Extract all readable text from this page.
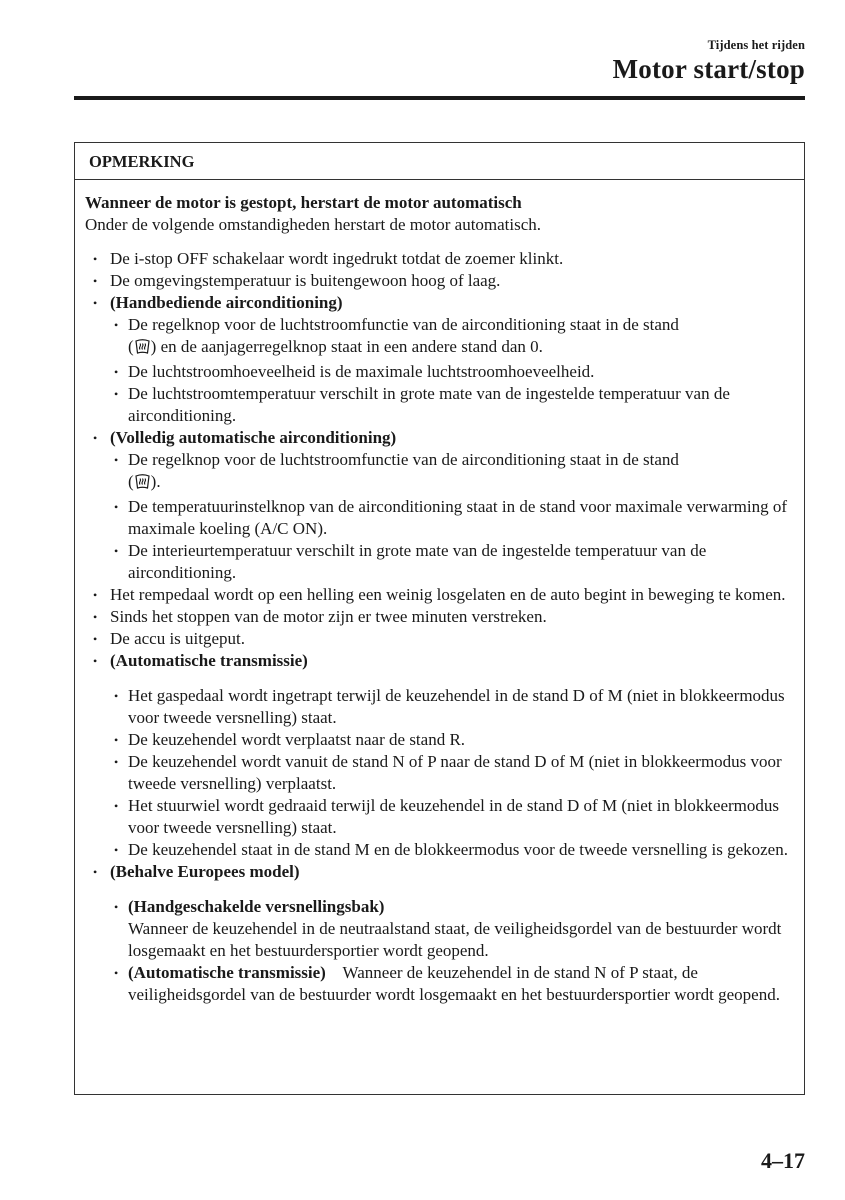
Tijdens het rijden
Motor start/stop
OPMERKING
Wanneer de motor is gestopt, herstart de motor automatisch
Onder de volgende omstandigheden herstart de motor automatisch.
• De i-stop OFF schakelaar wordt ingedrukt totdat de zoemer klinkt.
• De omgevingstemperatuur is buitengewoon hoog of laag.
• (Handbediende airconditioning)
• De regelknop voor de luchtstroomfunctie van de airconditioning staat in de stand
( ) en de aanjagerregelknop staat in een andere stand dan 0.
• De luchtstroomhoeveelheid is de maximale luchtstroomhoeveelheid.
• De luchtstroomtemperatuur verschilt in grote mate van de ingestelde temperatuur van de airconditioning.
• (Volledig automatische airconditioning)
• De regelknop voor de luchtstroomfunctie van de airconditioning staat in de stand
( ).
• De temperatuurinstelknop van de airconditioning staat in de stand voor maximale verwarming of maximale koeling (A/C ON).
• De interieurtemperatuur verschilt in grote mate van de ingestelde temperatuur van de airconditioning.
• Het rempedaal wordt op een helling een weinig losgelaten en de auto begint in beweging te komen.
• Sinds het stoppen van de motor zijn er twee minuten verstreken.
• De accu is uitgeput.
• (Automatische transmissie)
• Het gaspedaal wordt ingetrapt terwijl de keuzehendel in de stand D of M (niet in blokkeermodus voor tweede versnelling) staat.
• De keuzehendel wordt verplaatst naar de stand R.
• De keuzehendel wordt vanuit de stand N of P naar de stand D of M (niet in blokkeermodus voor tweede versnelling) verplaatst.
• Het stuurwiel wordt gedraaid terwijl de keuzehendel in de stand D of M (niet in blokkeermodus voor tweede versnelling) staat.
• De keuzehendel staat in de stand M en de blokkeermodus voor de tweede versnelling is gekozen.
• (Behalve Europees model)
• (Handgeschakelde versnellingsbak)
Wanneer de keuzehendel in de neutraalstand staat, de veiligheidsgordel van de bestuurder wordt losgemaakt en het bestuurdersportier wordt geopend.
• (Automatische transmissie) Wanneer de keuzehendel in de stand N of P staat, de veiligheidsgordel van de bestuurder wordt losgemaakt en het bestuurdersportier wordt geopend.
4–17
